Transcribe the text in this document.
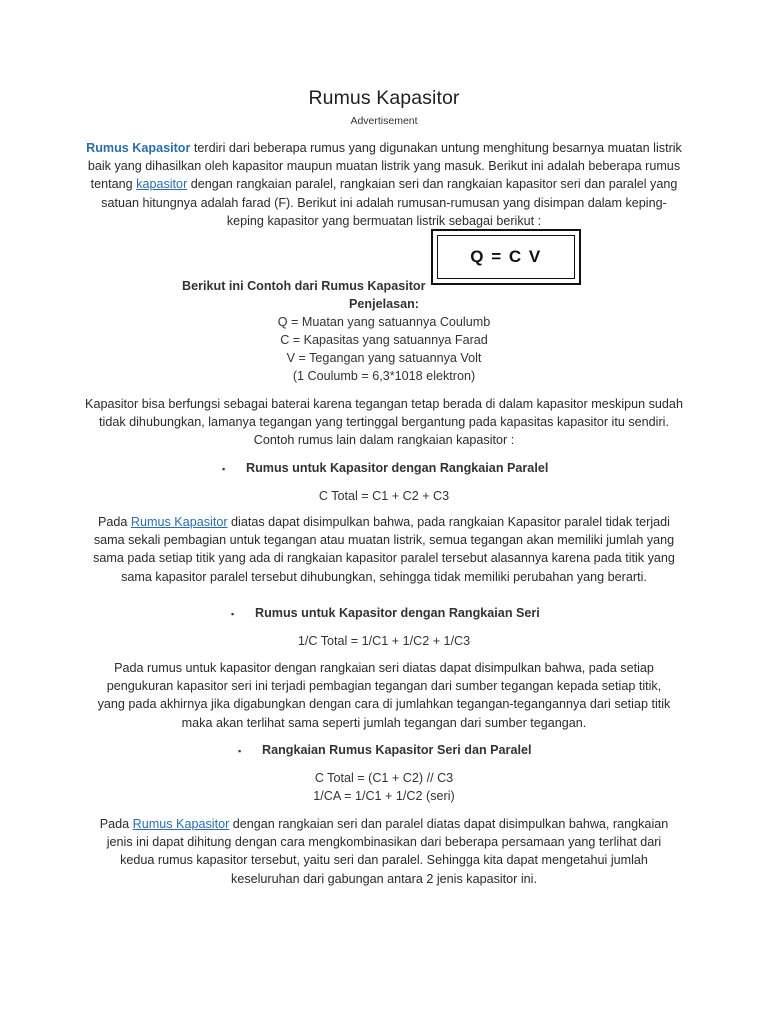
Rumus Kapasitor
Advertisement
Rumus Kapasitor terdiri dari beberapa rumus yang digunakan untung menghitung besarnya muatan listrik baik yang dihasilkan oleh kapasitor maupun muatan listrik yang masuk. Berikut ini adalah beberapa rumus tentang kapasitor dengan rangkaian paralel, rangkaian seri dan rangkaian kapasitor seri dan paralel yang satuan hitungnya adalah farad (F). Berikut ini adalah rumusan-rumusan yang disimpan dalam keping-keping kapasitor yang bermuatan listrik sebagai berikut :
Q = C V
Berikut ini Contoh dari Rumus Kapasitor
Penjelasan:
Q = Muatan yang satuannya Coulumb
C = Kapasitas yang satuannya Farad
V = Tegangan yang satuannya Volt
(1 Coulumb = 6,3*1018 elektron)
Kapasitor bisa berfungsi sebagai baterai karena tegangan tetap berada di dalam kapasitor meskipun sudah tidak dihubungkan, lamanya tegangan yang tertinggal bergantung pada kapasitas kapasitor itu sendiri. Contoh rumus lain dalam rangkaian kapasitor :
▪ Rumus untuk Kapasitor dengan Rangkaian Paralel
C Total = C1 + C2 + C3
Pada Rumus Kapasitor diatas dapat disimpulkan bahwa, pada rangkaian Kapasitor paralel tidak terjadi sama sekali pembagian untuk tegangan atau muatan listrik, semua tegangan akan memiliki jumlah yang sama pada setiap titik yang ada di rangkaian kapasitor paralel tersebut alasannya karena pada titik yang sama kapasitor paralel tersebut dihubungkan, sehingga tidak memiliki perubahan yang berarti.
▪ Rumus untuk Kapasitor dengan Rangkaian Seri
1/C Total = 1/C1 + 1/C2 + 1/C3
Pada rumus untuk kapasitor dengan rangkaian seri diatas dapat disimpulkan bahwa, pada setiap pengukuran kapasitor seri ini terjadi pembagian tegangan dari sumber tegangan kepada setiap titik, yang pada akhirnya jika digabungkan dengan cara di jumlahkan tegangan-tegangannya dari setiap titik maka akan terlihat sama seperti jumlah tegangan dari sumber tegangan.
▪ Rangkaian Rumus Kapasitor Seri dan Paralel
C Total = (C1 + C2) // C3
1/CA = 1/C1 + 1/C2 (seri)
Pada Rumus Kapasitor dengan rangkaian seri dan paralel diatas dapat disimpulkan bahwa, rangkaian jenis ini dapat dihitung dengan cara mengkombinasikan dari beberapa persamaan yang terlihat dari kedua rumus kapasitor tersebut, yaitu seri dan paralel. Sehingga kita dapat mengetahui jumlah keseluruhan dari gabungan antara 2 jenis kapasitor ini.
